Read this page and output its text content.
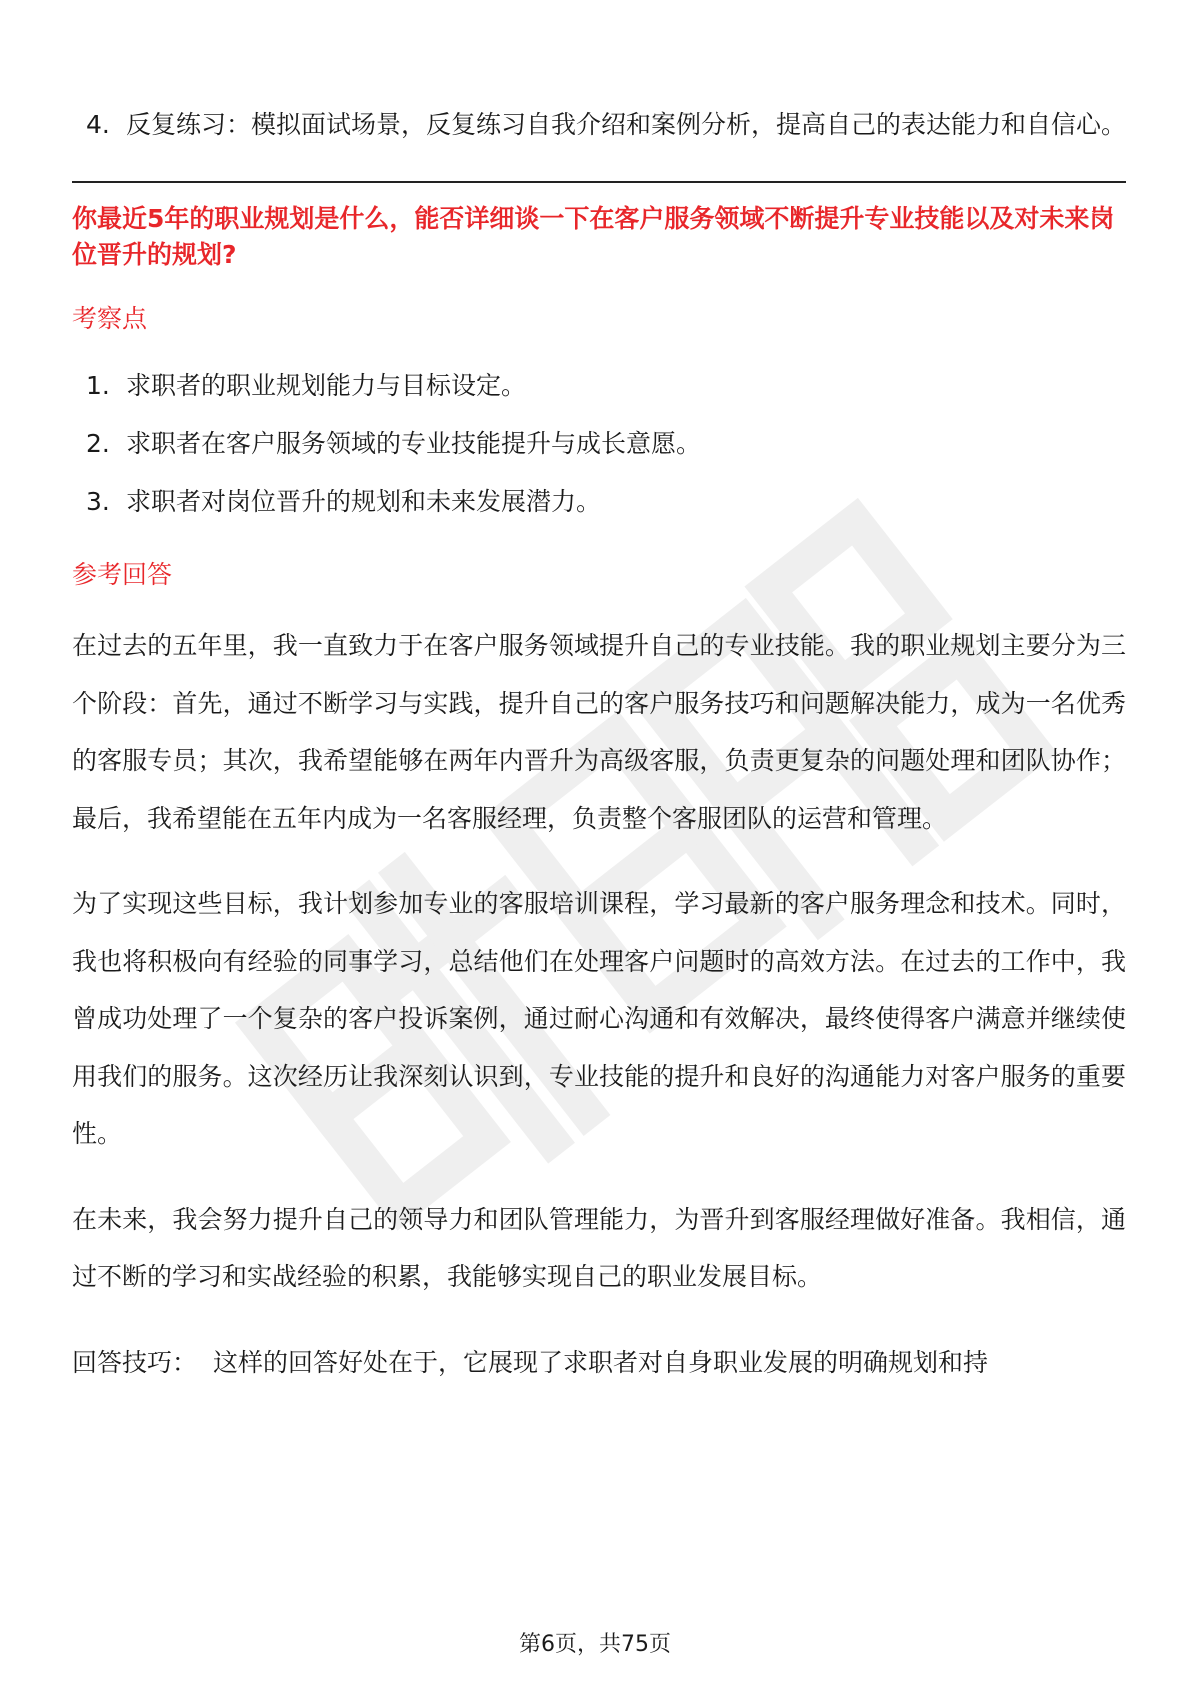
4. 反复练习：模拟面试场景，反复练习自我介绍和案例分析，提高自己的表达能力和自信心。
你最近5年的职业规划是什么，能否详细谈一下在客户服务领域不断提升专业技能以及对未来岗位晋升的规划?
考察点
1. 求职者的职业规划能力与目标设定。
2. 求职者在客户服务领域的专业技能提升与成长意愿。
3. 求职者对岗位晋升的规划和未来发展潜力。
参考回答

在过去的五年里，我一直致力于在客户服务领域提升自己的专业技能。我的职业规划主要分为三个阶段：首先，通过不断学习与实践，提升自己的客户服务技巧和问题解决能力，成为一名优秀的客服专员；其次，我希望能够在两年内晋升为高级客服，负责更复杂的问题处理和团队协作；最后，我希望能在五年内成为一名客服经理，负责整个客服团队的运营和管理。

为了实现这些目标，我计划参加专业的客服培训课程，学习最新的客户服务理念和技术。同时，我也将积极向有经验的同事学习，总结他们在处理客户问题时的高效方法。在过去的工作中，我曾成功处理了一个复杂的客户投诉案例，通过耐心沟通和有效解决，最终使得客户满意并继续使用我们的服务。这次经历让我深刻认识到，专业技能的提升和良好的沟通能力对客户服务的重要性。

在未来，我会努力提升自己的领导力和团队管理能力，为晋升到客服经理做好准备。我相信，通过不断的学习和实战经验的积累，我能够实现自己的职业发展目标。

回答技巧： 这样的回答好处在于，它展现了求职者对自身职业发展的明确规划和持

第6页，共75页
